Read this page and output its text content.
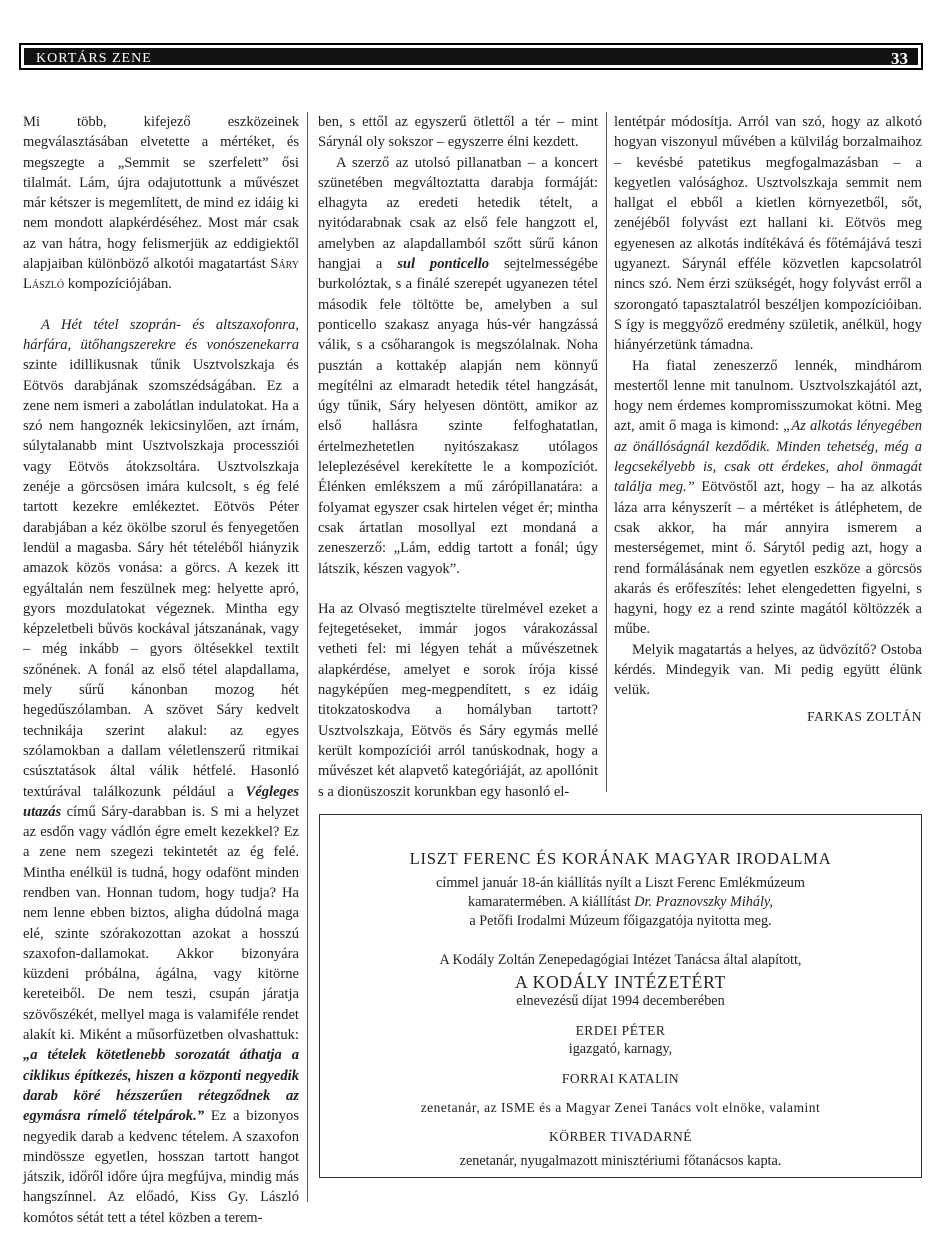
KORTÁRS ZENE	33

Mi több, kifejező eszközeinek megválasztásában elvetette a mértéket, és megszegte a „Semmit se szerfelett” ősi tilalmát. Lám, újra odajutottunk a művészet már kétszer is megemlített, de mind ez idáig ki nem mondott alapkérdéséhez. Most már csak az van hátra, hogy felismerjük az eddigiektől alapjaiban különböző alkotói magatartást Sáry László kompozíciójában.

A Hét tétel szoprán- és altszaxofonra, hárfára, ütőhangszerekre és vonószenekarra szinte idillikusnak tűnik Usztvolszkaja és Eötvös darabjának szomszédságában. Ez a zene nem ismeri a zabolátlan indulatokat. Ha a szó nem hangoznék lekicsinylően, azt írnám, súlytalanabb mint Usztvolszkaja processziói vagy Eötvös átokzsoltára. Usztvolszkaja zenéje a görcsösen imára kulcsolt, s ég felé tartott kezekre emlékeztet. Eötvös Péter darabjában a kéz ökölbe szorul és fenyegetően lendül a magasba. Sáry hét tételéből hiányzik amazok közös vonása: a görcs. A kezek itt egyáltalán nem feszülnek meg: helyette apró, gyors mozdulatokat végeznek. Mintha egy képzeletbeli bűvös kockával játszanának, vagy – még inkább – gyors öltésekkel textilt szőnének. A fonál az első tétel alapdallama, mely sűrű kánonban mozog hét hegedűszólamban. A szövet Sáry kedvelt technikája szerint alakul: az egyes szólamokban a dallam véletlenszerű ritmikai csúsztatások által válik hétfelé. Hasonló textúrával találkozunk például a Végleges utazás című Sáry-darabban is. S mi a helyzet az esdőn vagy vádlón égre emelt kezekkel? Ez a zene nem szegezi tekintetét az ég felé. Mintha enélkül is tudná, hogy odafönt minden rendben van. Honnan tudom, hogy tudja? Ha nem lenne ebben biztos, aligha dúdolná maga elé, szinte szórakozottan azokat a hosszú szaxofon-dallamokat. Akkor bizonyára küzdeni próbálna, ágálna, vagy kitörne kereteiből. De nem teszi, csupán járatja szövőszékét, mellyel maga is valamiféle rendet alakít ki. Miként a műsorfüzetben olvashattuk: „a tételek kötetlenebb sorozatát áthatja a ciklikus építkezés, hiszen a központi negyedik darab köré hézszerűen rétegződnek az egymásra rímelő tételpárok.” Ez a bizonyos negyedik darab a kedvenc tételem. A szaxofon mindössze egyetlen, hosszan tartott hangot játszik, időről időre újra megfújva, mindig más hangszínnel. Az előadó, Kiss Gy. László komótos sétát tett a tétel közben a terem-

ben, s ettől az egyszerű ötlettől a tér – mint Sárynál oly sokszor – egyszerre élni kezdett.

A szerző az utolsó pillanatban – a koncert szünetében megváltoztatta darabja formáját: elhagyta az eredeti hetedik tételt, a nyitódarabnak csak az első fele hangzott el, amelyben az alapdallamból szőtt sűrű kánon hangjai a sul ponticello sejtelmességébe burkolóztak, s a finálé szerepét ugyanezen tétel második fele töltötte be, amelyben a sul ponticello szakasz anyaga hús-vér hangzássá válik, s a csőharangok is megszólalnak. Noha pusztán a kottakép alapján nem könnyű megítélni az elmaradt hetedik tétel hangzását, úgy tűnik, Sáry helyesen döntött, amikor az első hallásra szinte felfoghatatlan, értelmezhetetlen nyitószakasz utólagos leleplezésével kerekítette le a kompozíciót. Élénken emlékszem a mű zárópillanatára: a folyamat egyszer csak hirtelen véget ér; mintha csak ártatlan mosollyal ezt mondaná a zeneszerző: „Lám, eddig tartott a fonál; úgy látszik, készen vagyok”.

Ha az Olvasó megtisztelte türelmével ezeket a fejtegetéseket, immár jogos várakozással vetheti fel: mi légyen tehát a művészetnek alapkérdése, amelyet e sorok írója kissé nagyképűen meg-megpendített, s ez idáig titokzatoskodva a homályban tartott? Usztvolszkaja, Eötvös és Sáry egymás mellé került kompozíciói arról tanúskodnak, hogy a művészet két alapvető kategóriáját, az apollónit s a dionüszoszit korunkban egy hasonló el-

lentétpár módosítja. Arról van szó, hogy az alkotó hogyan viszonyul művében a külvilág borzalmaihoz – kevésbé patetikus megfogalmazásban – a kegyetlen valósághoz. Usztvolszkaja semmit nem hallgat el ebből a kietlen környezetből, sőt, zenéjéből folyvást ezt hallani ki. Eötvös meg egyenesen az alkotás indítékává és főtémájává teszi ugyanezt. Sárynál efféle közvetlen kapcsolatról nincs szó. Nem érzi szükségét, hogy folyvást erről a szorongató tapasztalatról beszéljen kompozícióiban. S így is meggyőző eredmény születik, anélkül, hogy hiányérzetünk támadna.

Ha fiatal zeneszerző lennék, mindhárom mestertől lenne mit tanulnom. Usztvolszkajától azt, hogy nem érdemes kompromisszumokat kötni. Meg azt, amit ő maga is kimond: „Az alkotás lényegében az önállóságnál kezdődik. Minden tehetség, még a legcsekélyebb is, csak ott érdekes, ahol önmagát találja meg.” Eötvöstől azt, hogy – ha az alkotás láza arra kényszerít – a mértéket is átléphetem, de csak akkor, ha már annyira ismerem a mesterségemet, mint ő. Sárytól pedig azt, hogy a rend formálásának nem egyetlen eszköze a görcsös akarás és erőfeszítés: lehet elengedetten figyelni, s hagyni, hogy ez a rend szinte magától költözzék a műbe.

Melyik magatartás a helyes, az üdvözítő? Ostoba kérdés. Mindegyik van. Mi pedig együtt élünk velük.

FARKAS ZOLTÁN

LISZT FERENC ÉS KORÁNAK MAGYAR IRODALMA
címmel január 18-án kiállítás nyílt a Liszt Ferenc Emlékmúzeum
kamaratermében. A kiállítást Dr. Praznovszky Mihály,
a Petőfi Irodalmi Múzeum főigazgatója nyitotta meg.
A Kodály Zoltán Zenepedagógiai Intézet Tanácsa által alapított,
A KODÁLY INTÉZETÉRT
elnevezésű díjat 1994 decemberében
ERDEI PÉTER
igazgató, karnagy,
FORRAI KATALIN
zenetanár, az ISME és a Magyar Zenei Tanács volt elnöke, valamint
KÖRBER TIVADARNÉ
zenetanár, nyugalmazott minisztériumi főtanácsos kapta.
